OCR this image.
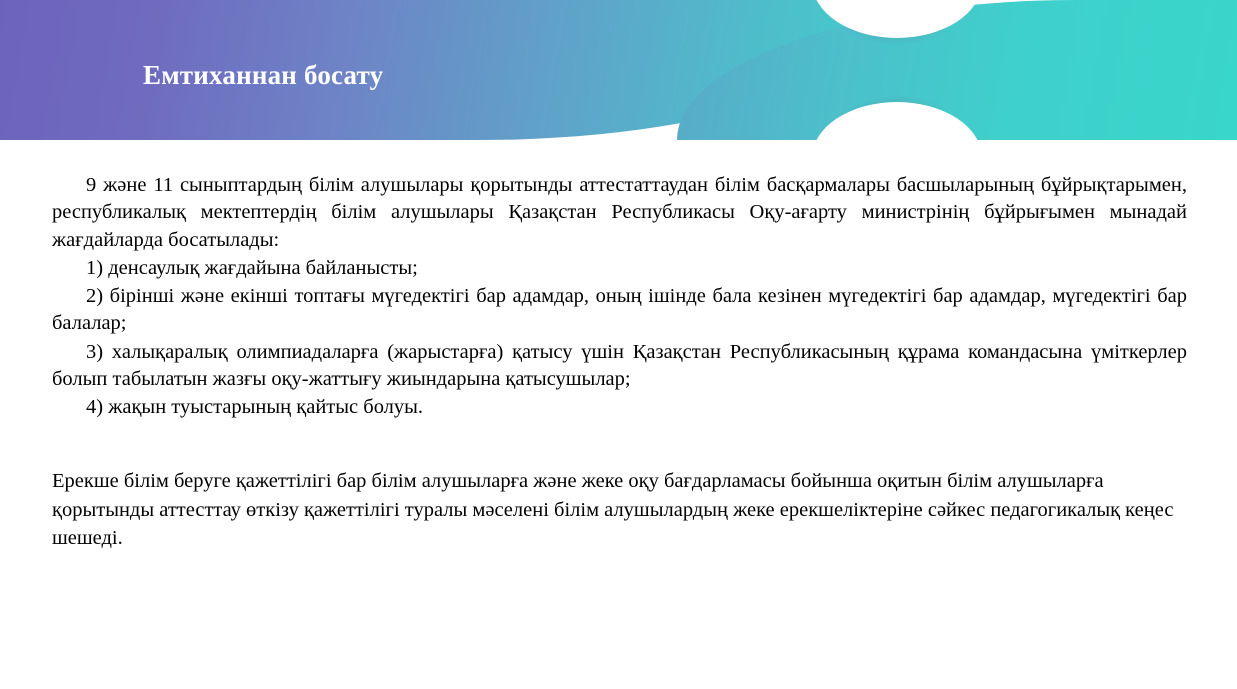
Емтиханнан босату

9 және 11 сыныптардың білім алушылары қорытынды аттестаттаудан білім басқармалары басшыларының бұйрықтарымен, республикалық мектептердің білім алушылары Қазақстан Республикасы Оқу-ағарту министрінің бұйрығымен мынадай жағдайларда босатылады:

1) денсаулық жағдайына байланысты;

2) бірінші және екінші топтағы мүгедектігі бар адамдар, оның ішінде бала кезінен мүгедектігі бар адамдар, мүгедектігі бар балалар;

3) халықаралық олимпиадаларға (жарыстарға) қатысу үшін Қазақстан Республикасының құрама командасына үміткерлер болып табылатын жазғы оқу-жаттығу жиындарына қатысушылар;

4) жақын туыстарының қайтыс болуы.

Ерекше білім беруге қажеттілігі бар білім алушыларға және жеке оқу бағдарламасы бойынша оқитын білім алушыларға қорытынды аттесттау өткізу қажеттілігі туралы мәселені білім алушылардың жеке ерекшеліктеріне сәйкес педагогикалық кеңес шешеді.
